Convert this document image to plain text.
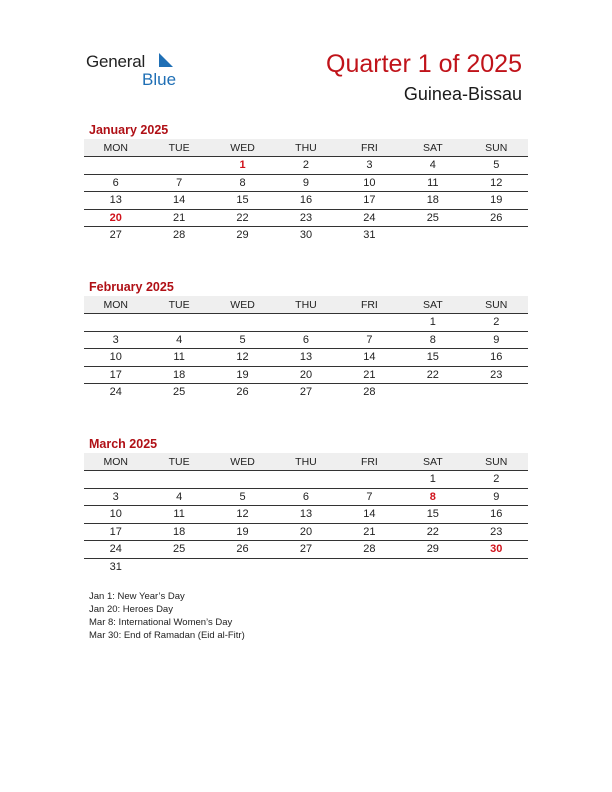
General
Blue
Quarter 1 of 2025
Guinea-Bissau
January 2025
MON	TUE	WED	THU	FRI	SAT	SUN
		1	2	3	4	5
6	7	8	9	10	11	12
13	14	15	16	17	18	19
20	21	22	23	24	25	26
27	28	29	30	31		
February 2025
MON	TUE	WED	THU	FRI	SAT	SUN
					1	2
3	4	5	6	7	8	9
10	11	12	13	14	15	16
17	18	19	20	21	22	23
24	25	26	27	28		
March 2025
MON	TUE	WED	THU	FRI	SAT	SUN
					1	2
3	4	5	6	7	8	9
10	11	12	13	14	15	16
17	18	19	20	21	22	23
24	25	26	27	28	29	30
31						
Jan 1: New Year’s Day
Jan 20: Heroes Day
Mar 8: International Women’s Day
Mar 30: End of Ramadan (Eid al-Fitr)
